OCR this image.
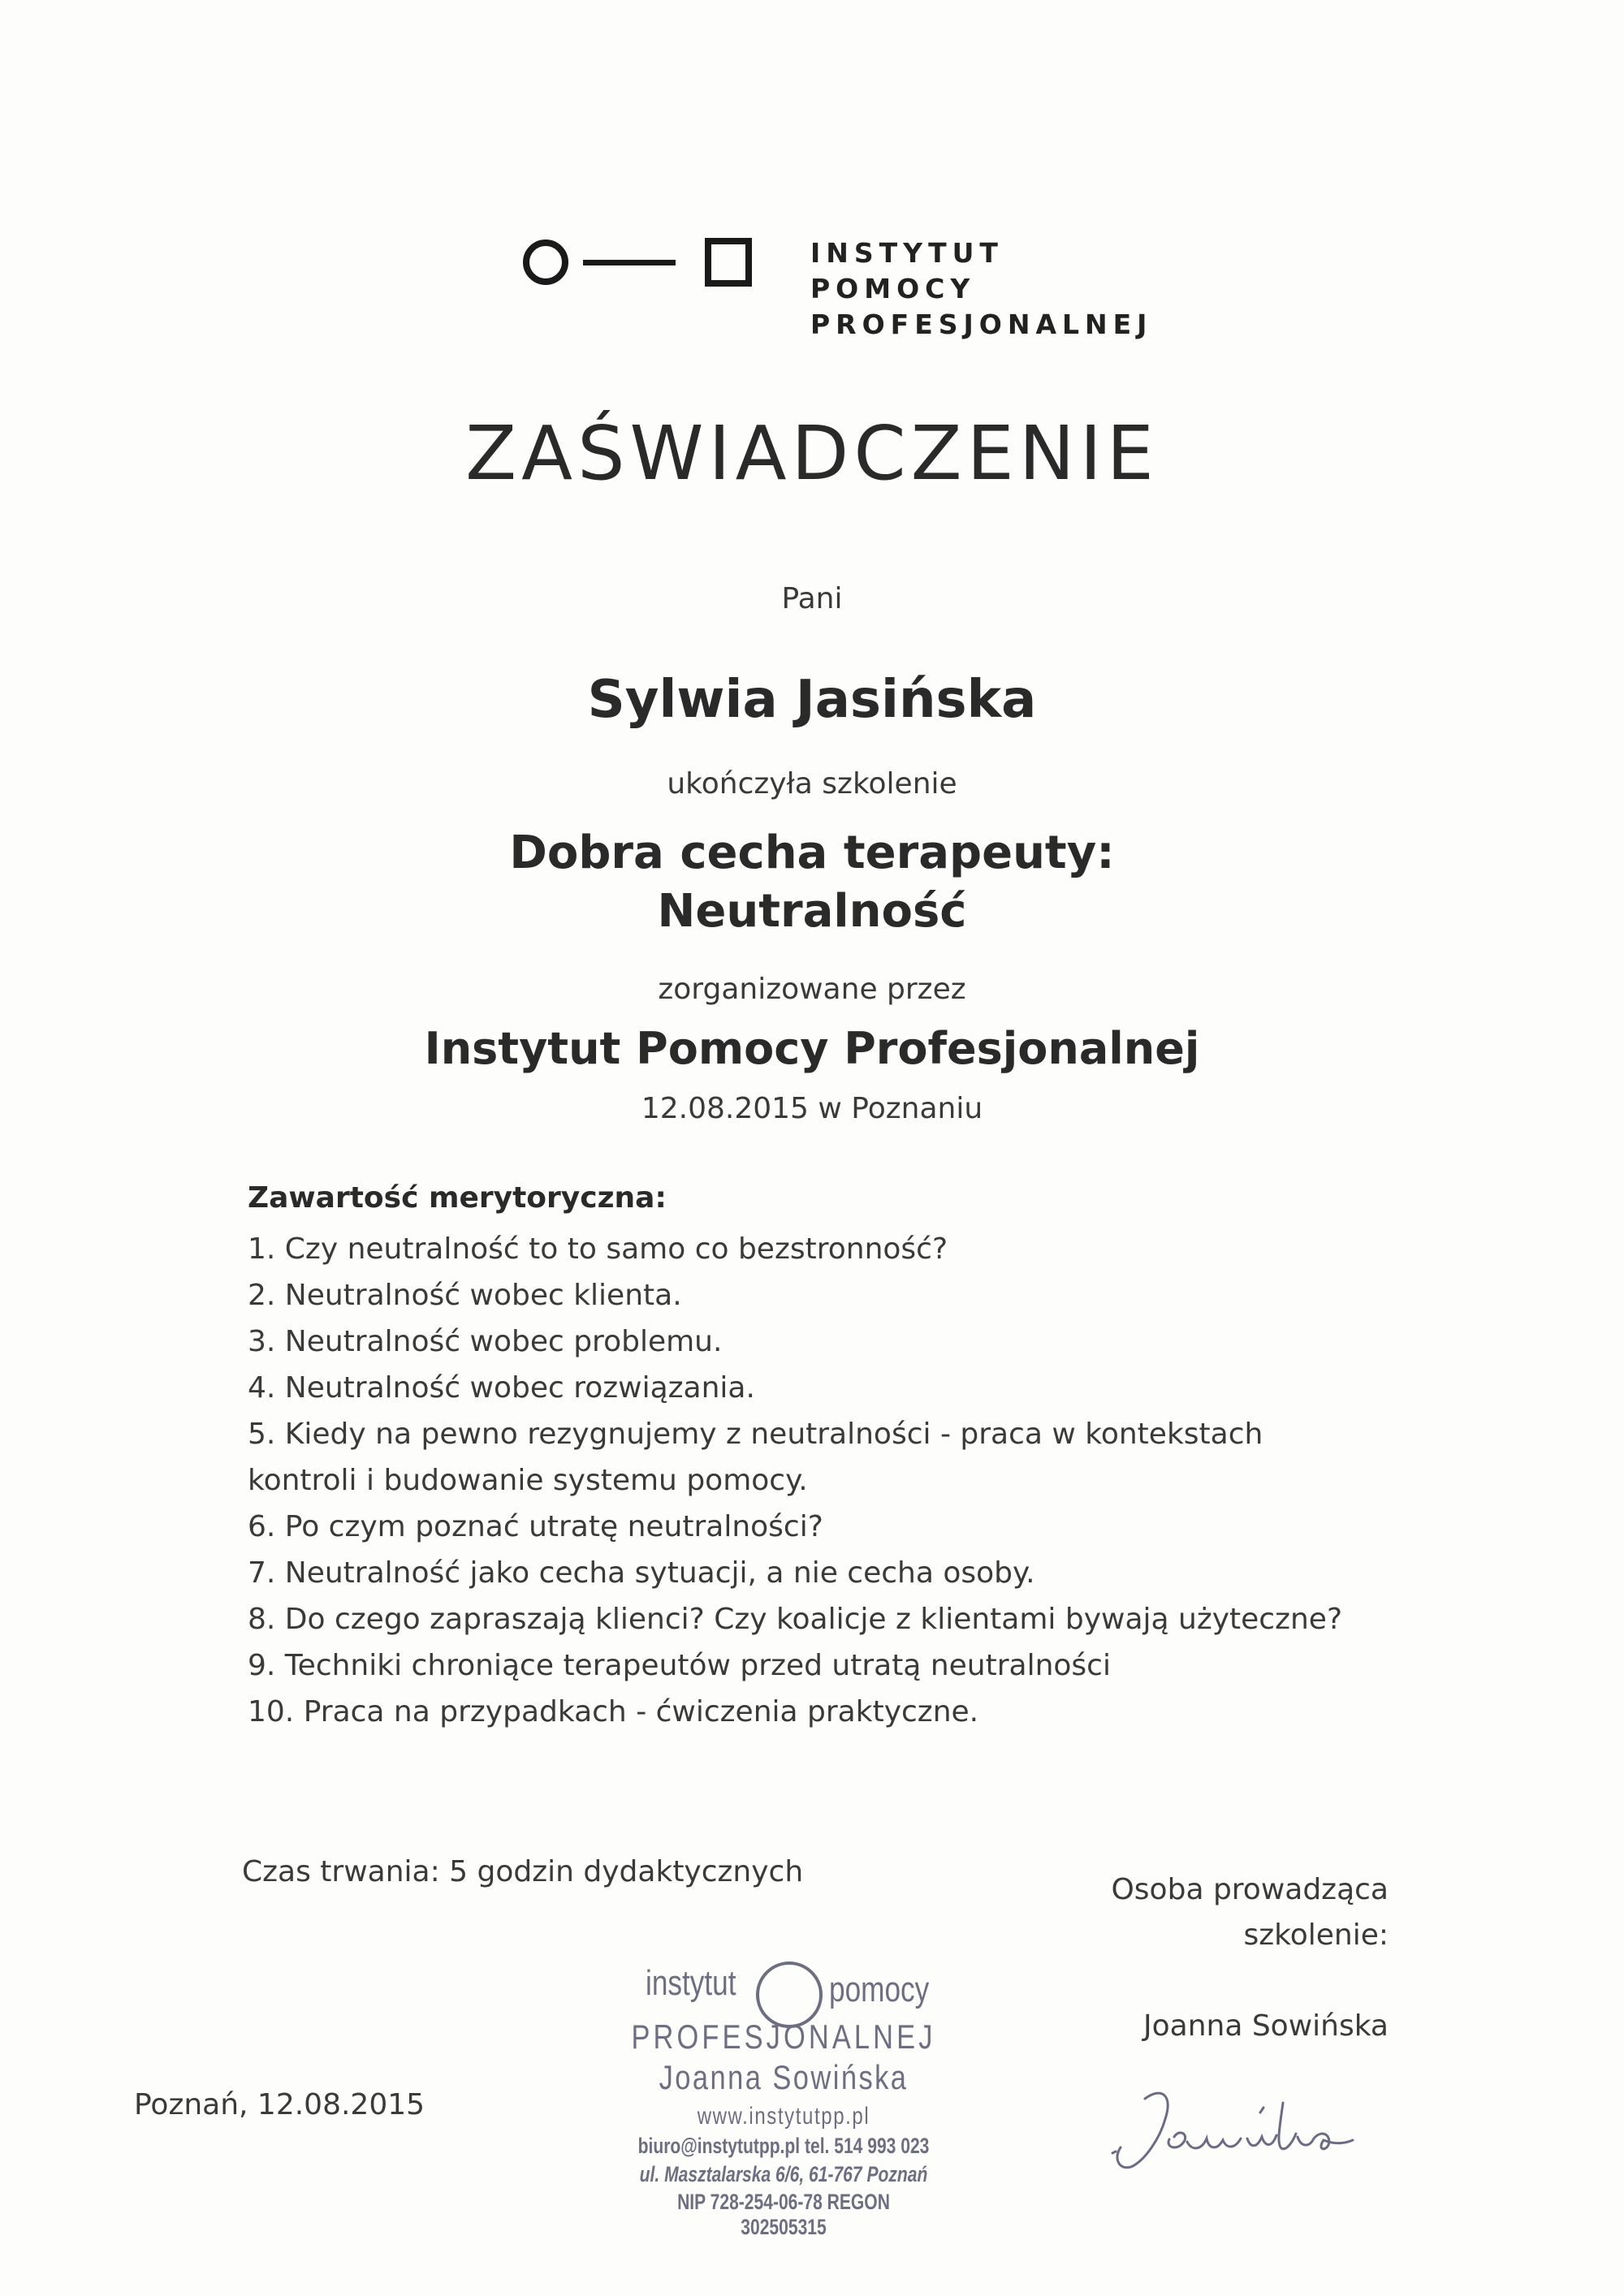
INSTYTUT POMOCY
PROFESJONALNEJ
ZAŚWIADCZENIE
Pani
Sylwia Jasińska
ukończyła szkolenie
Dobra cecha terapeuty:
Neutralność
zorganizowane przez
Instytut Pomocy Profesjonalnej
12.08.2015 w Poznaniu
Zawartość merytoryczna:
1. Czy neutralność to to samo co bezstronność?
2. Neutralność wobec klienta.
3. Neutralność wobec problemu.
4. Neutralność wobec rozwiązania.
5. Kiedy na pewno rezygnujemy z neutralności - praca w kontekstach
kontroli i budowanie systemu pomocy.
6. Po czym poznać utratę neutralności?
7. Neutralność jako cecha sytuacji, a nie cecha osoby.
8. Do czego zapraszają klienci? Czy koalicje z klientami bywają użyteczne?
9. Techniki chroniące terapeutów przed utratą neutralności
10. Praca na przypadkach - ćwiczenia praktyczne.
Czas trwania: 5 godzin dydaktycznych
Osoba prowadząca
szkolenie:
Joanna Sowińska
Poznań, 12.08.2015
instytut	pomocy
PROFESJONALNEJ
Joanna Sowińska
www.instytutpp.pl
biuro@instytutpp.pl tel. 514 993 023
ul. Masztalarska 6/6, 61-767 Poznań
NIP 728-254-06-78 REGON 302505315
